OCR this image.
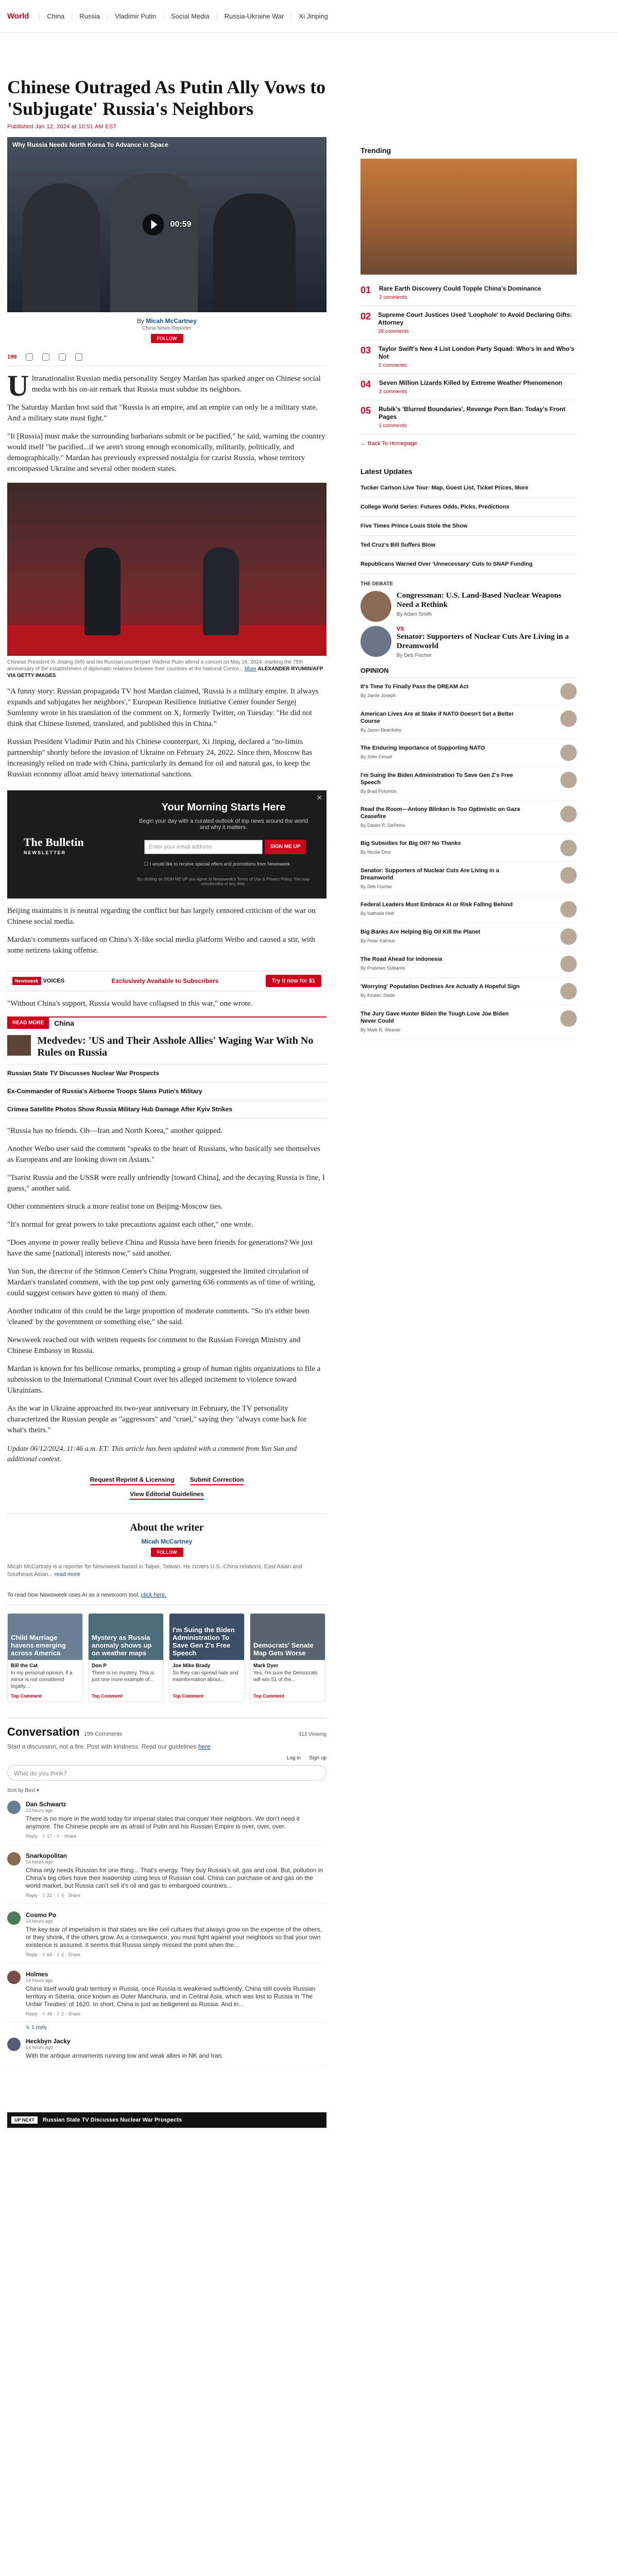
World	China	Russia	Vladimir Putin	Social Media	Russia-Ukraine War	Xi Jinping
Chinese Outraged As Putin Ally Vows to 'Subjugate' Russia's Neighbors
Published Jan 12, 2024 at 10:51 AM EST
Why Russia Needs North Korea To Advance in Space
00:59
By Micah McCartney
China News Reporter
FOLLOW
199

Ultranationalist Russian media personality Sergey Mardan has sparked anger on Chinese social media with his on-air remark that Russia must subdue its neighbors.

The Saturday Mardan host said that "Russia is an empire, and an empire can only be a military state. And a military state must fight."

"It [Russia] must make the surrounding barbarians submit or be pacified," he said, warning the country would itself "be pacified...if we aren't strong enough economically, militarily, politically, and demographically." Mardan has previously expressed nostalgia for czarist Russia, whose territory encompassed Ukraine and several other modern states.

Chinese President Xi Jinping (left) and his Russian counterpart Vladimir Putin attend a concert on May 16, 2024, marking the 75th anniversary of the establishment of diplomatic relations between their countries at the National Centre... More ALEXANDER RYUMIN/AFP VIA GETTY IMAGES

"A funny story: Russian propaganda TV host Mardan claimed, 'Russia is a military empire. It always expands and subjugates her neighbors'," European Resilience Initiative Center founder Sergej Sumlenny wrote in his translation of the comment on X, formerly Twitter, on Tuesday. "He did not think that Chinese listened, translated, and published this in China."

Russian President Vladimir Putin and his Chinese counterpart, Xi Jinping, declared a "no-limits partnership" shortly before the invasion of Ukraine on February 24, 2022. Since then, Moscow has increasingly relied on trade with China, particularly its demand for oil and natural gas, to keep the Russian economy afloat amid heavy international sanctions.

✕
The Bulletin
NEWSLETTER
Your Morning Starts Here
Begin your day with a curated outlook of top news around the world and why it matters.
Enter your email address	SIGN ME UP
☐ I would like to receive special offers and promotions from Newsweek
By clicking on SIGN ME UP you agree to Newsweek's Terms of Use & Privacy Policy. You may unsubscribe at any time.

Beijing maintains it is neutral regarding the conflict but has largely censored criticism of the war on Chinese social media.

Mardan's comments surfaced on China's X-like social media platform Weibo and caused a stir, with some netizens taking offense.

Newsweek VOICES	Exclusively Available to Subscribers	Try it now for $1

"Without China's support, Russia would have collapsed in this war," one wrote.

READ MORE	China
Medvedev: 'US and Their Asshole Allies' Waging War With No Rules on Russia
Russian State TV Discusses Nuclear War Prospects
Ex-Commander of Russia's Airborne Troops Slams Putin's Military
Crimea Satellite Photos Show Russia Military Hub Damage After Kyiv Strikes

"Russia has no friends. Oh—Iran and North Korea," another quipped.

Another Weibo user said the comment "speaks to the heart of Russians, who basically see themselves as Europeans and are looking down on Asians."

"Tsarist Russia and the USSR were really unfriendly [toward China], and the decaying Russia is fine, I guess," another said.

Other commenters struck a more realist tone on Beijing-Moscow ties.

"It's normal for great powers to take precautions against each other," one wrote.

"Does anyone in power really believe China and Russia have been friends for generations? We just have the same [national] interests now," said another.

Yun Sun, the director of the Stimson Center's China Program, suggested the limited circulation of Mardan's translated comment, with the top post only garnering 636 comments as of time of writing, could suggest censors have gotten to many of them.

Another indicator of this could be the large proportion of moderate comments. "So it's either been 'cleaned' by the government or something else," she said.

Newsweek reached out with written requests for comment to the Russian Foreign Ministry and Chinese Embassy in Russia.

Mardan is known for his bellicose remarks, prompting a group of human rights organizations to file a submission to the International Criminal Court over his alleged incitement to violence toward Ukrainians.

As the war in Ukraine approached its two-year anniversary in February, the TV personality characterized the Russian people as "aggressors" and "cruel," saying they "always come back for what's theirs."

Update 06/12/2024, 11:46 a.m. ET: This article has been updated with a comment from Yun Sun and additional context.
Request Reprint & Licensing	Submit Correction
View Editorial Guidelines
About the writer
Micah McCartney
FOLLOW
Micah McCartney is a reporter for Newsweek based in Taipei, Taiwan. He covers U.S.-China relations, East Asian and Southeast Asian... read more
To read how Newsweek uses AI as a newsroom tool, click here.
Child Marriage havens emerging across America
Bill the Cat
In my personal opinion, if a minor is not considered legally...
Top Comment
Mystery as Russia anomaly shows up on weather maps
Don P
There is no mystery. This is just one more example of...
Top Comment
I'm Suing the Biden Administration To Save Gen Z's Free Speech
Joe Mike Brady
So they can spread hate and misinformation about...
Top Comment
Democrats' Senate Map Gets Worse
Mark Dyer
Yes, I'm sure the Democrats will win 51 of the...
Top Comment
Conversation 199 Comments	313 Viewing
Start a discussion, not a fire. Post with kindness. Read our guidelines here
Log in Sign up
What do you think?
Sort by Best ▾
Dan Schwartz
13 hours ago
There is no more in the world today for imperial states that conquer their neighbors. We don't need it anymore. The Chinese people are as afraid of Putin and his Russian Empire is over, over, over.
Reply · ⇧ 17 · ⇩ · Share
Snarkopolitan
14 hours ago
China only needs Russian for one thing... That's energy. They buy Russia's oil, gas and coal. But, pollution in China's big cities have their leadership using less of Russian coal. China can purchase oil and gas on the world market, but Russia can't sell it's oil and gas to embargoed countries...
Reply · ⇧ 32 · ⇩ 4 · Share
Cosmo Po
14 hours ago
The key tear of imperialism is that states are like cell cultures that always grow on the expense of the others, or they shrink, if the others grow. As a consequence, you must fight against your neighbors so that your own existence is assured. It seems that Russia simply missed the point when the...
Reply · ⇧ 64 · ⇩ 2 · Share
Holmes
14 hours ago
China itself would grab territory in Russia, once Russia is weakened sufficiently. China still covets Russian territory in Siberia, once known as Outer Manchuria, and in Central Asia, which was lost to Russia in 'The Unfair Treaties' of 1620. In short, China is just as belligerent as Russia. And in...
Reply · ⇧ 48 · ⇩ 2 · Share
↳ 1 reply
Heckbyn Jacky
14 hours ago
With the antique armaments running low and weak allies in NK and Iran.
UP NEXT	Russian State TV Discusses Nuclear War Prospects
Trending
01 Rare Earth Discovery Could Topple China's Dominance
2 comments
02 Supreme Court Justices Used 'Loophole' to Avoid Declaring Gifts: Attorney
28 comments
03 Taylor Swift's New 4 List London Party Squad: Who's In and Who's Not
0 comments
04 Seven Million Lizards Killed by Extreme Weather Phenomenon
2 comments
05 Rubik's 'Blurred Boundaries', Revenge Porn Ban: Today's Front Pages
1 comments
← Back To Homepage
Latest Updates
Tucker Carlson Live Tour: Map, Guest List, Ticket Prices, More
College World Series: Futures Odds, Picks, Predictions
Five Times Prince Louis Stole the Show
Ted Cruz's Bill Suffers Blow
Republicans Warned Over 'Unnecessary' Cuts to SNAP Funding
THE DEBATE
Congressman: U.S. Land-Based Nuclear Weapons Need a Rethink
By Adam Smith
VS
Senator: Supporters of Nuclear Cuts Are Living in a Dreamworld
By Deb Fischer
OPINION
It's Time To Finally Pass the DREAM Act
By Jamie Joseph
American Lives Are at Stake if NATO Doesn't Set a Better Course
By Jason Beardsley
The Enduring Importance of Supporting NATO
By John Fessel
I'm Suing the Biden Administration To Save Gen Z's Free Speech
By Brad Polumbo
Read the Room—Antony Blinken Is Too Optimistic on Gaza Ceasefire
By Daniel R. DePetris
Big Subsidies for Big Oil? No Thanks
By Nicole Dino
Senator: Supporters of Nuclear Cuts Are Living in a Dreamworld
By Deb Fischer
Federal Leaders Must Embrace AI or Risk Falling Behind
By Nathalie Holt
Big Banks Are Helping Big Oil Kill the Planet
By Peter Kalmus
The Road Ahead for Indonesia
By Prabowo Subianto
'Worrying' Population Declines Are Actually A Hopeful Sign
By Kirsten Stade
The Jury Gave Hunter Biden the Tough Love Joe Biden Never Could
By Mark R. Weaver
